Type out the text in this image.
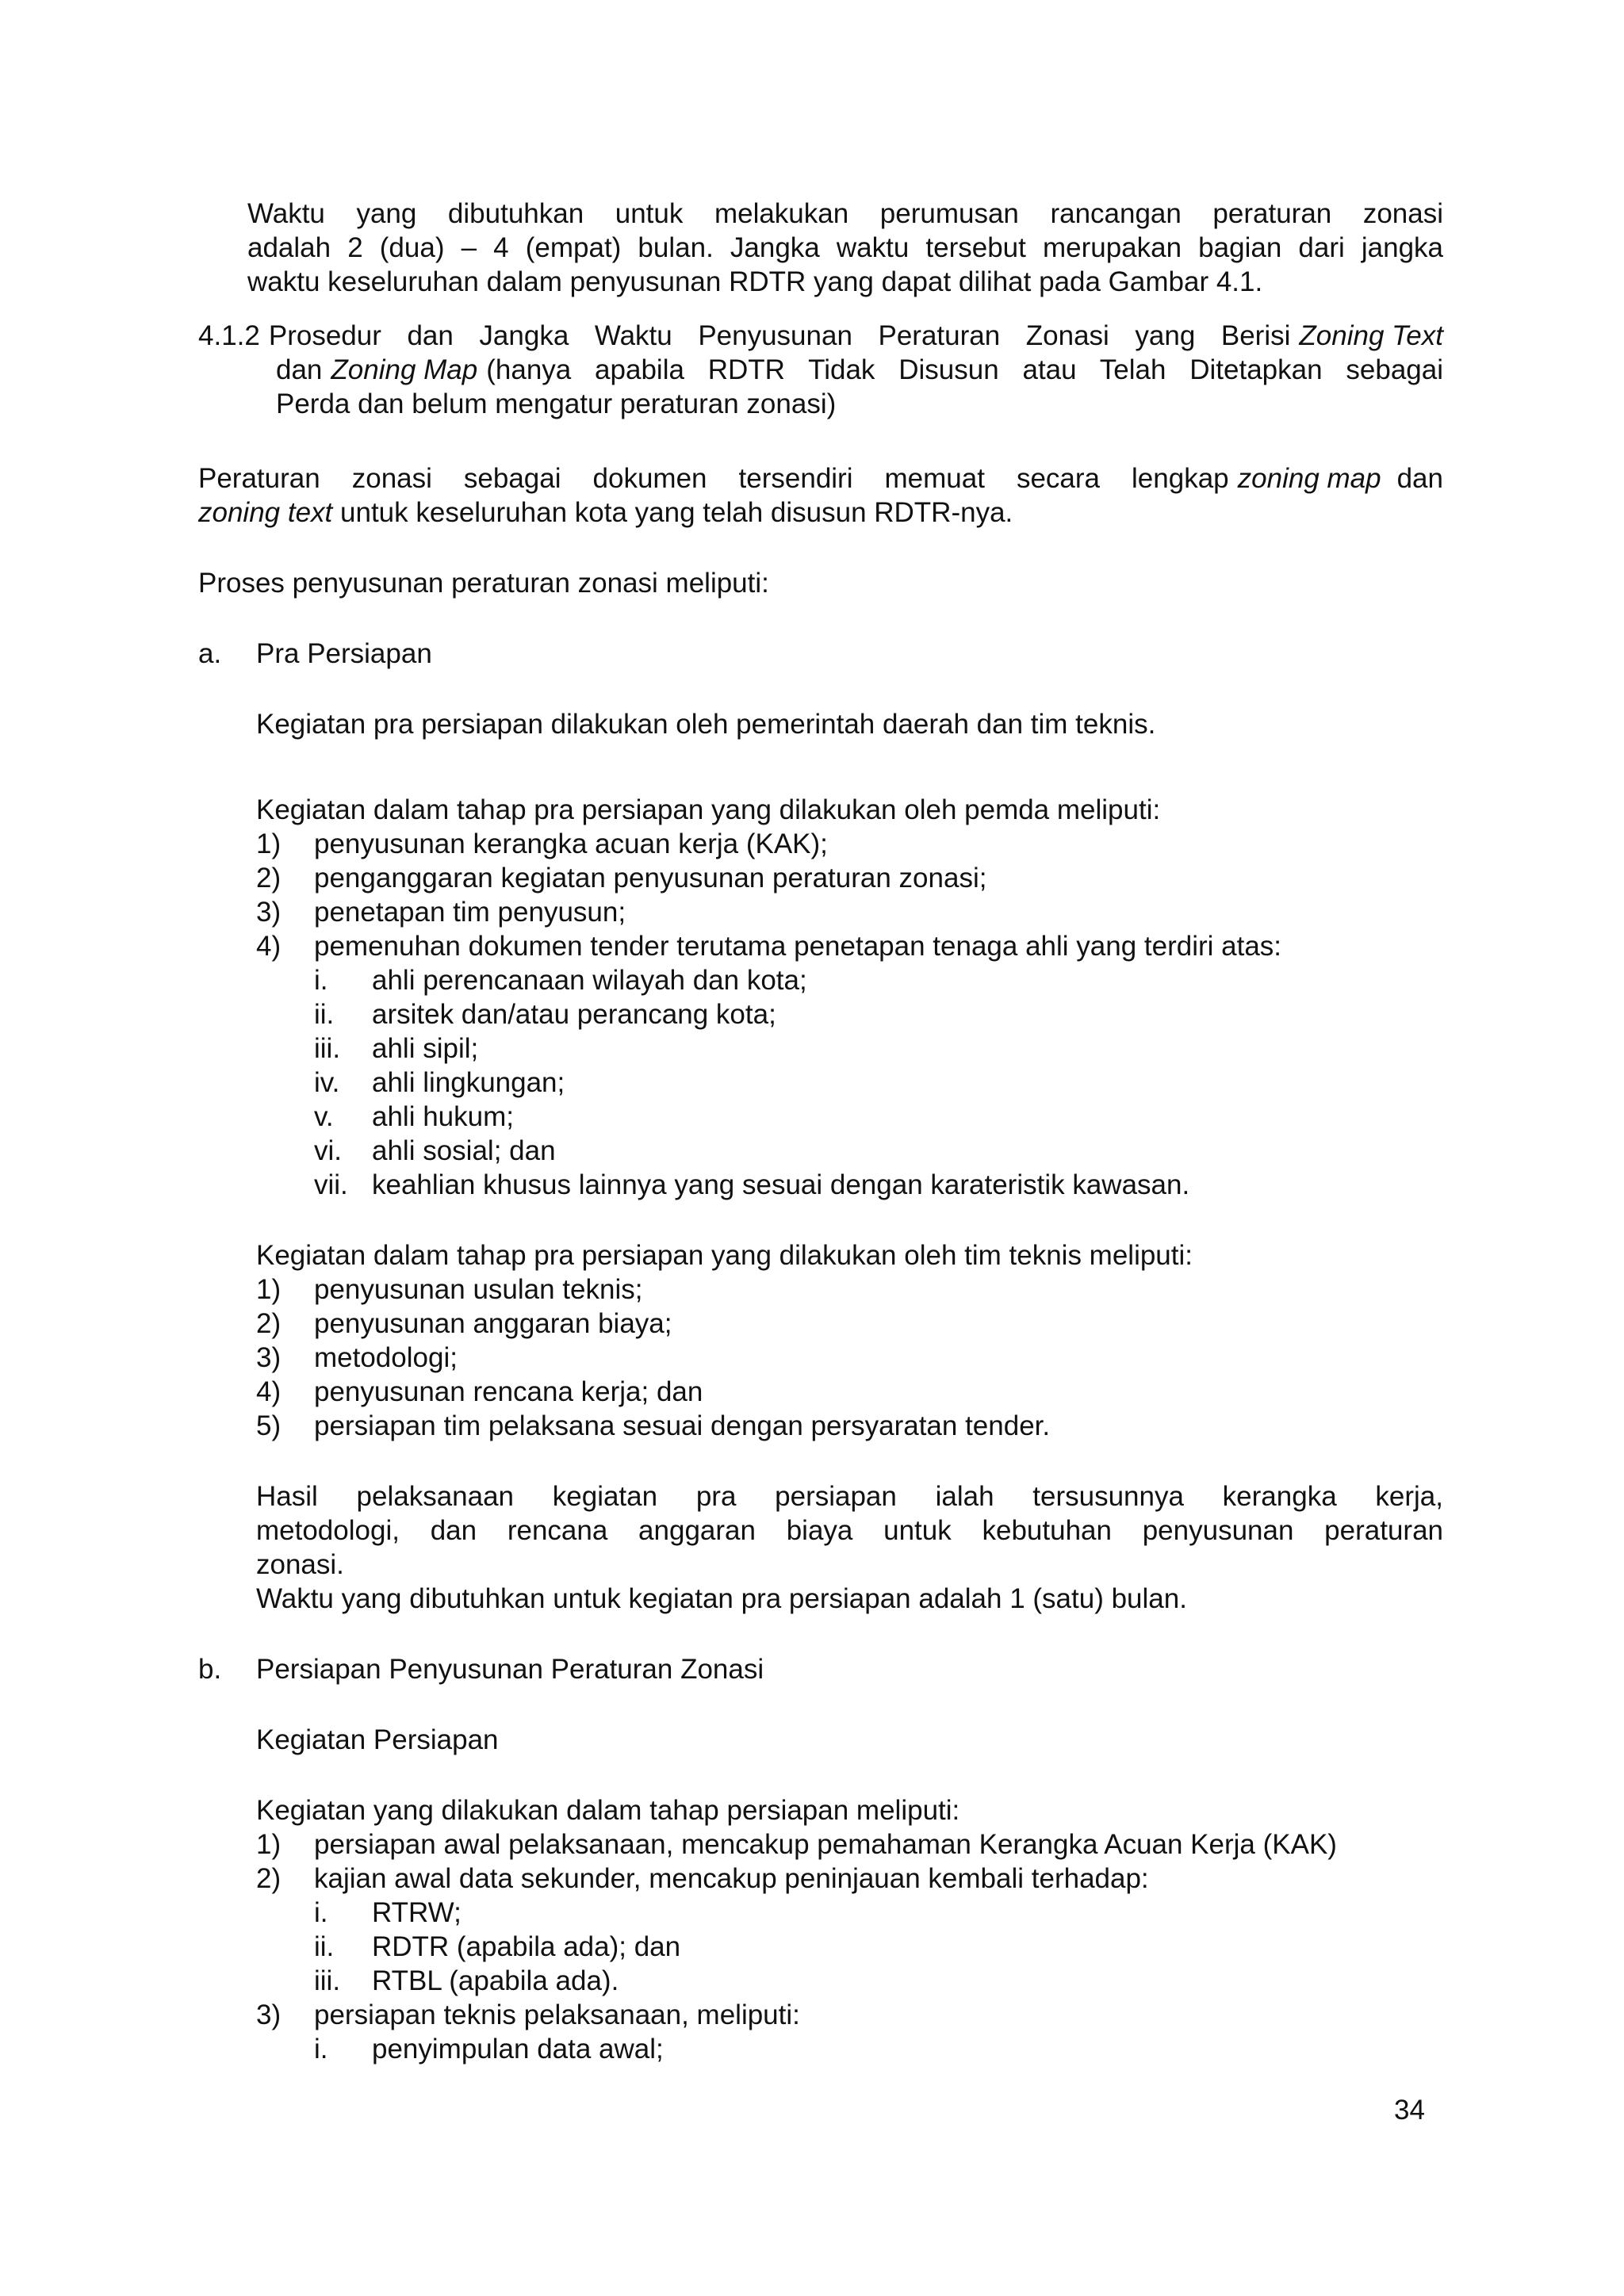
Waktu yang dibutuhkan untuk melakukan perumusan rancangan peraturan zonasi

adalah 2 (dua) – 4 (empat) bulan. Jangka waktu tersebut merupakan bagian dari jangka

waktu keseluruhan dalam penyusunan RDTR yang dapat dilihat pada Gambar 4.1.

4.1.2 Prosedur dan Jangka Waktu Penyusunan Peraturan Zonasi yang Berisi Zoning Text
dan Zoning Map (hanya apabila RDTR Tidak Disusun atau Telah Ditetapkan sebagai

Perda dan belum mengatur peraturan zonasi)

Peraturan zonasi sebagai dokumen tersendiri memuat secara lengkap zoning map dan

zoning text untuk keseluruhan kota yang telah disusun RDTR-nya.

Proses penyusunan peraturan zonasi meliputi:

a. Pra Persiapan

Kegiatan pra persiapan dilakukan oleh pemerintah daerah dan tim teknis.

Kegiatan dalam tahap pra persiapan yang dilakukan oleh pemda meliputi:

1) penyusunan kerangka acuan kerja (KAK);
2) penganggaran kegiatan penyusunan peraturan zonasi;
3) penetapan tim penyusun;
4) pemenuhan dokumen tender terutama penetapan tenaga ahli yang terdiri atas:
i. ahli perencanaan wilayah dan kota;
ii. arsitek dan/atau perancang kota;
iii. ahli sipil;
iv. ahli lingkungan;
v. ahli hukum;
vi. ahli sosial; dan
vii. keahlian khusus lainnya yang sesuai dengan karateristik kawasan.

Kegiatan dalam tahap pra persiapan yang dilakukan oleh tim teknis meliputi:

1) penyusunan usulan teknis;
2) penyusunan anggaran biaya;
3) metodologi;
4) penyusunan rencana kerja; dan
5) persiapan tim pelaksana sesuai dengan persyaratan tender.

Hasil pelaksanaan kegiatan pra persiapan ialah tersusunnya kerangka kerja,

metodologi, dan rencana anggaran biaya untuk kebutuhan penyusunan peraturan

zonasi.

Waktu yang dibutuhkan untuk kegiatan pra persiapan adalah 1 (satu) bulan.

b. Persiapan Penyusunan Peraturan Zonasi

Kegiatan Persiapan

Kegiatan yang dilakukan dalam tahap persiapan meliputi:

1) persiapan awal pelaksanaan, mencakup pemahaman Kerangka Acuan Kerja (KAK)
2) kajian awal data sekunder, mencakup peninjauan kembali terhadap:
i. RTRW;
ii. RDTR (apabila ada); dan
iii. RTBL (apabila ada).
3) persiapan teknis pelaksanaan, meliputi:
i. penyimpulan data awal;

34
